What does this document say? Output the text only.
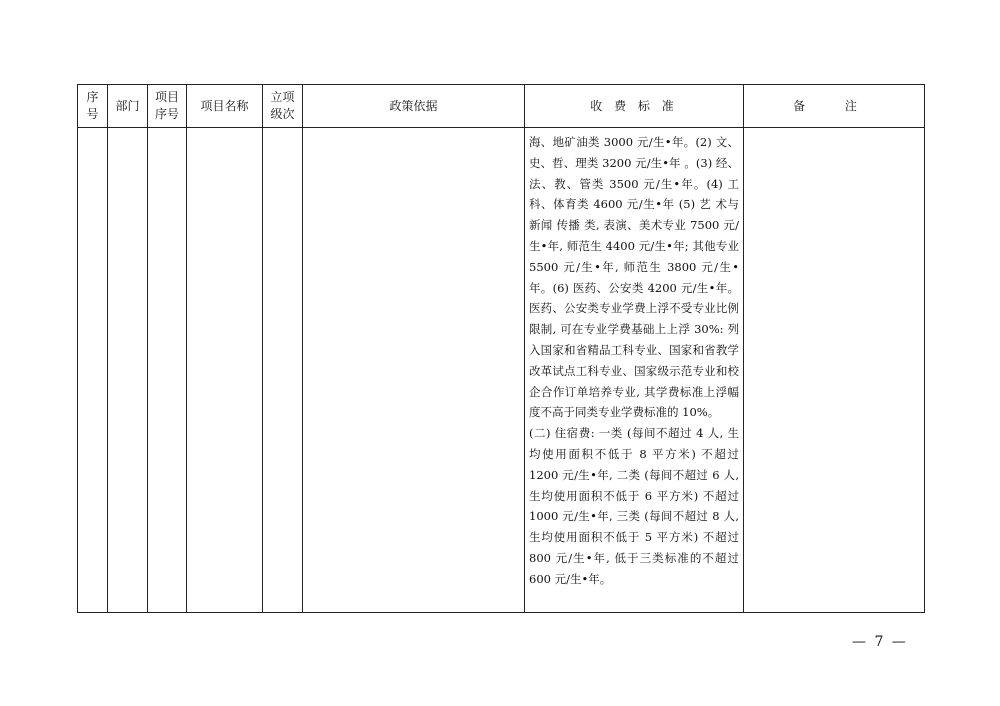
序号	部门	项目序号	项目名称	立项级次	政策依据	收 费 标 准	备 注

						海、地矿油类 3000 元/生•年。(2) 文、史、哲、理类 3200 元/生•年 。(3) 经、法、教、管类 3500 元/生•年。(4) 工科、体育类 4600 元/生•年 (5) 艺 术与 新闻 传播 类, 表演、美术专业 7500 元/生•年, 师范生 4400 元/生•年; 其他专业 5500 元/生•年, 师范生 3800 元/生•年。(6) 医药、公安类 4200 元/生•年。医药、公安类专业学费上浮不受专业比例限制, 可在专业学费基础上上浮 30%: 列入国家和省精品工科专业、国家和省教学改革试点工科专业、国家级示范专业和校企合作订单培养专业, 其学费标准上浮幅度不高于同类专业学费标准的 10%。

(二) 住宿费: 一类 (每间不超过 4 人, 生均使用面积不低于 8 平方米) 不超过 1200 元/生•年, 二类 (每间不超过 6 人, 生均使用面积不低于 6 平方米) 不超过 1000 元/生•年, 三类 (每间不超过 8 人, 生均使用面积不低于 5 平方米) 不超过 800 元/生•年, 低于三类标准的不超过 600 元/生•年。	

— 7 —
